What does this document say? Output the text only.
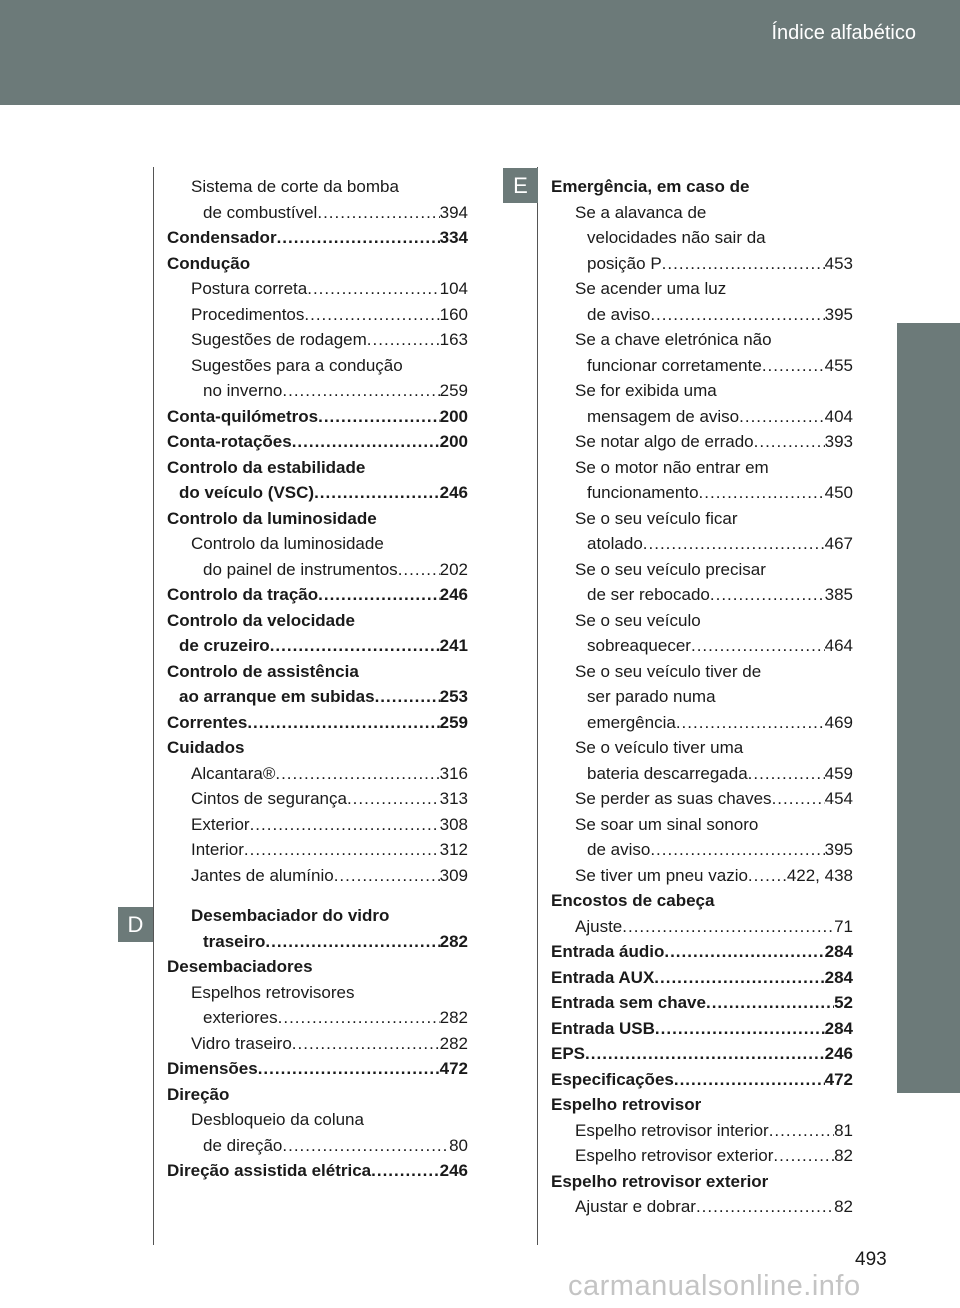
Índice alfabético
D
E
Sistema de corte da bomba
de combustível .....	394
Condensador .....	334
Condução
Postura correta .....	104
Procedimentos .....	160
Sugestões de rodagem .....	163
Sugestões para a condução
no inverno .....	259
Conta-quilómetros .....	200
Conta-rotações .....	200
Controlo da estabilidade
do veículo (VSC) .....	246
Controlo da luminosidade
Controlo da luminosidade
do painel de instrumentos ..... 202
Controlo da tração .....	246
Controlo da velocidade
de cruzeiro .....	241
Controlo de assistência
ao arranque em subidas .....	253
Correntes .....	259
Cuidados
Alcantara® .....	316
Cintos de segurança .....	313
Exterior .....	308
Interior .....	312
Jantes de alumínio .....	309
Desembaciador do vidro
traseiro .....	282
Desembaciadores
Espelhos retrovisores
exteriores .....	282
Vidro traseiro .....	282
Dimensões .....	472
Direção
Desbloqueio da coluna
de direção .....	80
Direção assistida elétrica .....	246
Emergência, em caso de
Se a alavanca de
velocidades não sair da
posição P .....	453
Se acender uma luz
de aviso .....	395
Se a chave eletrónica não
funcionar corretamente .....	455
Se for exibida uma
mensagem de aviso .....	404
Se notar algo de errado .....	393
Se o motor não entrar em
funcionamento .....	450
Se o seu veículo ficar
atolado .....	467
Se o seu veículo precisar
de ser rebocado .....	385
Se o seu veículo
sobreaquecer .....	464
Se o seu veículo tiver de
ser parado numa
emergência .....	469
Se o veículo tiver uma
bateria descarregada .....	459
Se perder as suas chaves .....	454
Se soar um sinal sonoro
de aviso .....	395
Se tiver um pneu vazio ..... 422, 438
Encostos de cabeça
Ajuste .....	71
Entrada áudio .....	284
Entrada AUX .....	284
Entrada sem chave .....	52
Entrada USB .....	284
EPS .....	246
Especificações .....	472
Espelho retrovisor
Espelho retrovisor interior .....	81
Espelho retrovisor exterior .....	82
Espelho retrovisor exterior
Ajustar e dobrar .....	82
493
carmanualsonline.info
